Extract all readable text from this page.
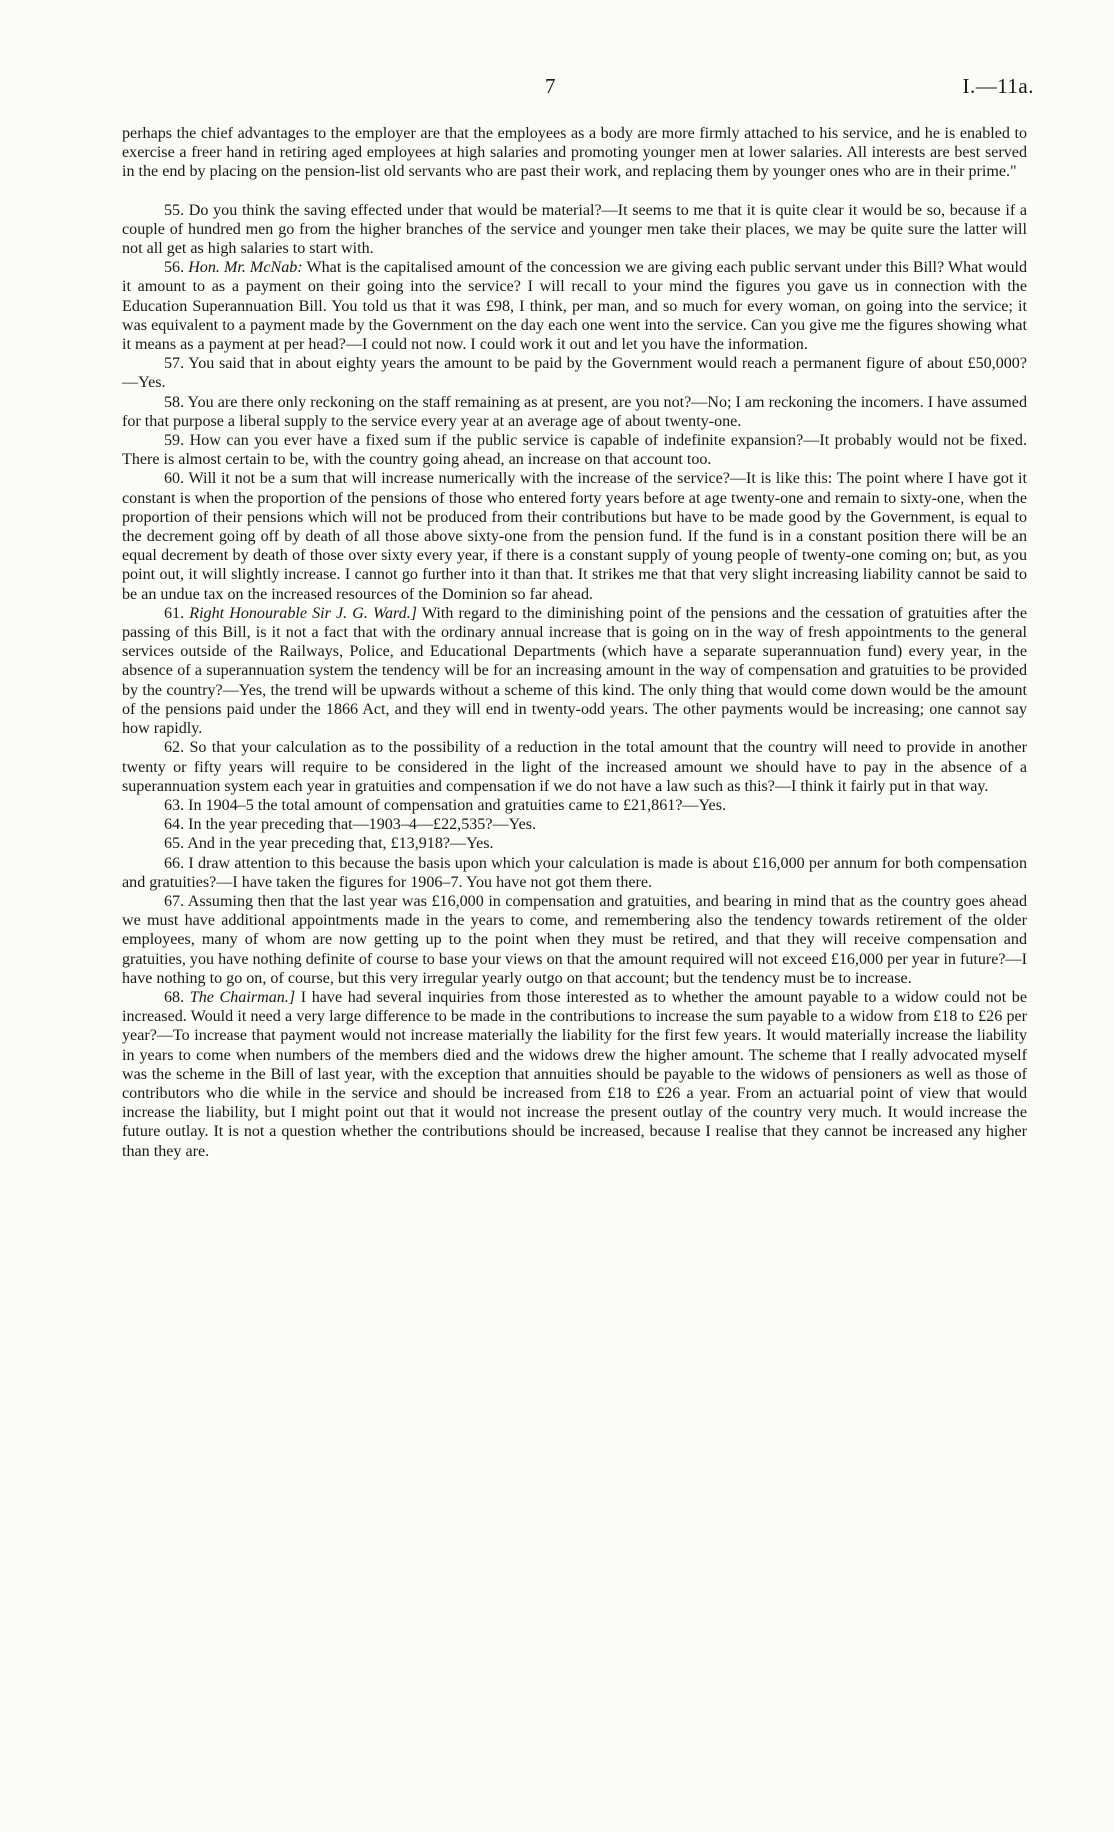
7	I.—11a.

perhaps the chief advantages to the employer are that the employees as a body are more firmly attached to his service, and he is enabled to exercise a freer hand in retiring aged employees at high salaries and promoting younger men at lower salaries. All interests are best served in the end by placing on the pension-list old servants who are past their work, and replacing them by younger ones who are in their prime."

55. Do you think the saving effected under that would be material?—It seems to me that it is quite clear it would be so, because if a couple of hundred men go from the higher branches of the service and younger men take their places, we may be quite sure the latter will not all get as high salaries to start with.

56. Hon. Mr. McNab: What is the capitalised amount of the concession we are giving each public servant under this Bill? What would it amount to as a payment on their going into the service? I will recall to your mind the figures you gave us in connection with the Education Superannuation Bill. You told us that it was £98, I think, per man, and so much for every woman, on going into the service; it was equivalent to a payment made by the Government on the day each one went into the service. Can you give me the figures showing what it means as a payment at per head?—I could not now. I could work it out and let you have the information.

57. You said that in about eighty years the amount to be paid by the Government would reach a permanent figure of about £50,000?—Yes.

58. You are there only reckoning on the staff remaining as at present, are you not?—No; I am reckoning the incomers. I have assumed for that purpose a liberal supply to the service every year at an average age of about twenty-one.

59. How can you ever have a fixed sum if the public service is capable of indefinite expansion?—It probably would not be fixed. There is almost certain to be, with the country going ahead, an increase on that account too.

60. Will it not be a sum that will increase numerically with the increase of the service?—It is like this: The point where I have got it constant is when the proportion of the pensions of those who entered forty years before at age twenty-one and remain to sixty-one, when the proportion of their pensions which will not be produced from their contributions but have to be made good by the Government, is equal to the decrement going off by death of all those above sixty-one from the pension fund. If the fund is in a constant position there will be an equal decrement by death of those over sixty every year, if there is a constant supply of young people of twenty-one coming on; but, as you point out, it will slightly increase. I cannot go further into it than that. It strikes me that that very slight increasing liability cannot be said to be an undue tax on the increased resources of the Dominion so far ahead.

61. Right Honourable Sir J. G. Ward.] With regard to the diminishing point of the pensions and the cessation of gratuities after the passing of this Bill, is it not a fact that with the ordinary annual increase that is going on in the way of fresh appointments to the general services outside of the Railways, Police, and Educational Departments (which have a separate superannuation fund) every year, in the absence of a superannuation system the tendency will be for an increasing amount in the way of compensation and gratuities to be provided by the country?—Yes, the trend will be upwards without a scheme of this kind. The only thing that would come down would be the amount of the pensions paid under the 1866 Act, and they will end in twenty-odd years. The other payments would be increasing; one cannot say how rapidly.

62. So that your calculation as to the possibility of a reduction in the total amount that the country will need to provide in another twenty or fifty years will require to be considered in the light of the increased amount we should have to pay in the absence of a superannuation system each year in gratuities and compensation if we do not have a law such as this?—I think it fairly put in that way.

63. In 1904–5 the total amount of compensation and gratuities came to £21,861?—Yes.

64. In the year preceding that—1903–4—£22,535?—Yes.

65. And in the year preceding that, £13,918?—Yes.

66. I draw attention to this because the basis upon which your calculation is made is about £16,000 per annum for both compensation and gratuities?—I have taken the figures for 1906–7. You have not got them there.

67. Assuming then that the last year was £16,000 in compensation and gratuities, and bearing in mind that as the country goes ahead we must have additional appointments made in the years to come, and remembering also the tendency towards retirement of the older employees, many of whom are now getting up to the point when they must be retired, and that they will receive compensation and gratuities, you have nothing definite of course to base your views on that the amount required will not exceed £16,000 per year in future?—I have nothing to go on, of course, but this very irregular yearly outgo on that account; but the tendency must be to increase.

68. The Chairman.] I have had several inquiries from those interested as to whether the amount payable to a widow could not be increased. Would it need a very large difference to be made in the contributions to increase the sum payable to a widow from £18 to £26 per year?—To increase that payment would not increase materially the liability for the first few years. It would materially increase the liability in years to come when numbers of the members died and the widows drew the higher amount. The scheme that I really advocated myself was the scheme in the Bill of last year, with the exception that annuities should be payable to the widows of pensioners as well as those of contributors who die while in the service and should be increased from £18 to £26 a year. From an actuarial point of view that would increase the liability, but I might point out that it would not increase the present outlay of the country very much. It would increase the future outlay. It is not a question whether the contributions should be increased, because I realise that they cannot be increased any higher than they are.
